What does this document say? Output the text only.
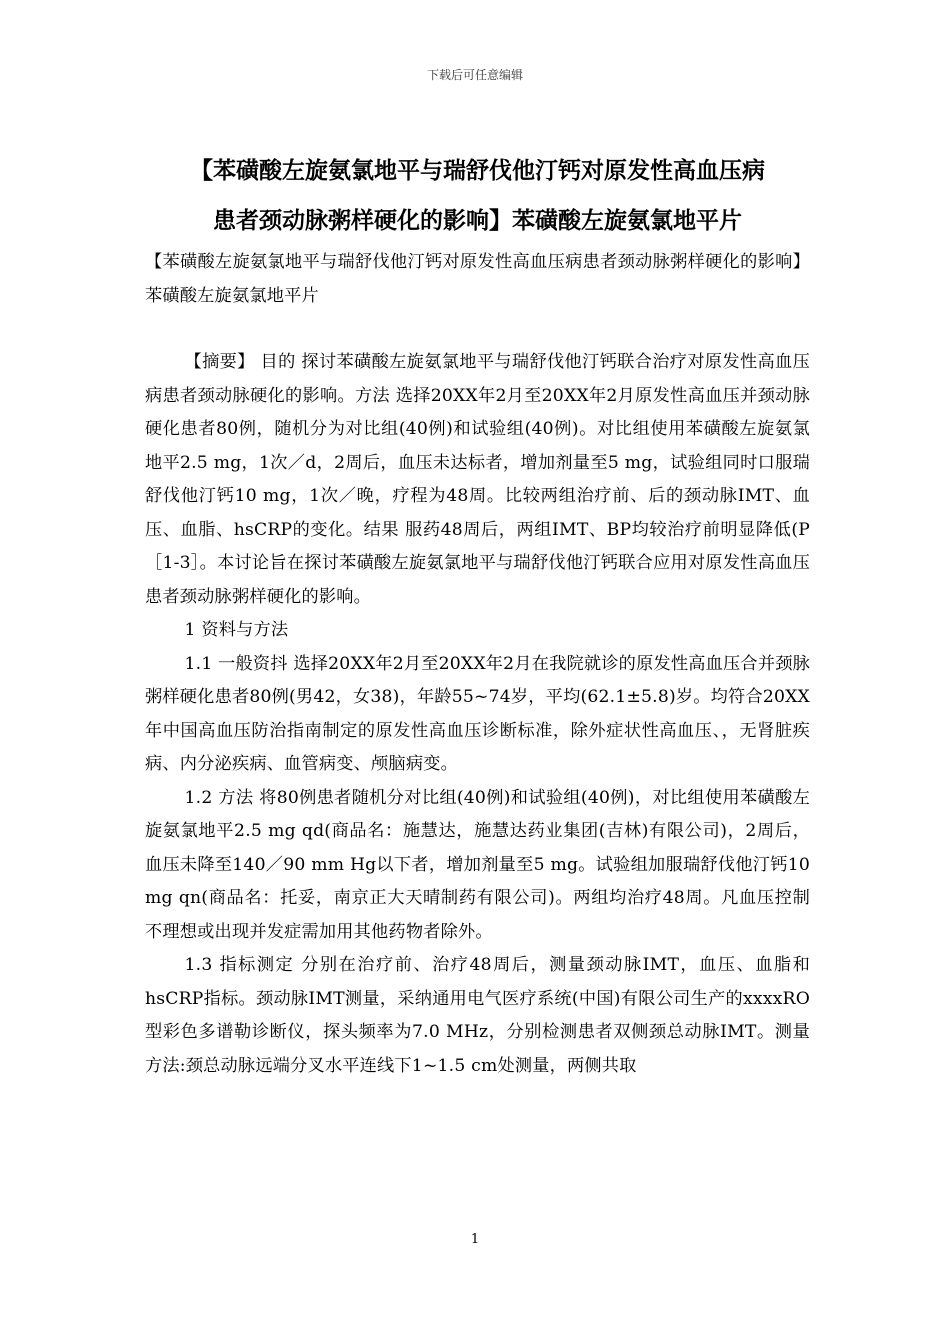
下载后可任意编辑
【苯磺酸左旋氨氯地平与瑞舒伐他汀钙对原发性高血压病
患者颈动脉粥样硬化的影响】苯磺酸左旋氨氯地平片

【苯磺酸左旋氨氯地平与瑞舒伐他汀钙对原发性高血压病患者颈动脉粥样硬化的影响】苯磺酸左旋氨氯地平片

【摘要】 目的 探讨苯磺酸左旋氨氯地平与瑞舒伐他汀钙联合治疗对原发性高血压病患者颈动脉硬化的影响。方法 选择20XX年2月至20XX年2月原发性高血压并颈动脉硬化患者80例，随机分为对比组(40例)和试验组(40例)。对比组使用苯磺酸左旋氨氯地平2.5 mg，1次／d，2周后，血压未达标者，增加剂量至5 mg，试验组同时口服瑞舒伐他汀钙10 mg，1次／晚，疗程为48周。比较两组治疗前、后的颈动脉IMT、血压、血脂、hsCRP的变化。结果 服药48周后，两组IMT、BP均较治疗前明显降低(P［1-3］。本讨论旨在探讨苯磺酸左旋氨氯地平与瑞舒伐他汀钙联合应用对原发性高血压患者颈动脉粥样硬化的影响。

1 资料与方法

1.1 一般资抖 选择20XX年2月至20XX年2月在我院就诊的原发性高血压合并颈脉粥样硬化患者80例(男42，女38)，年龄55~74岁，平均(62.1±5.8)岁。均符合20XX年中国高血压防治指南制定的原发性高血压诊断标准，除外症状性高血压、，无肾脏疾病、内分泌疾病、血管病变、颅脑病变。

1.2 方法 将80例患者随机分对比组(40例)和试验组(40例)，对比组使用苯磺酸左旋氨氯地平2.5 mg qd(商品名：施慧达，施慧达药业集团(吉林)有限公司)，2周后，血压未降至140／90 mm Hg以下者，增加剂量至5 mg。试验组加服瑞舒伐他汀钙10 mg qn(商品名：托妥，南京正大天晴制药有限公司)。两组均治疗48周。凡血压控制不理想或出现并发症需加用其他药物者除外。

1.3 指标测定 分别在治疗前、治疗48周后，测量颈动脉IMT，血压、血脂和hsCRP指标。颈动脉IMT测量，采纳通用电气医疗系统(中国)有限公司生产的xxxxRO型彩色多谱勒诊断仪，探头频率为7.0 MHz，分别检测患者双侧颈总动脉IMT。测量方法:颈总动脉远端分叉水平连线下1~1.5 cm处测量，两侧共取

1
